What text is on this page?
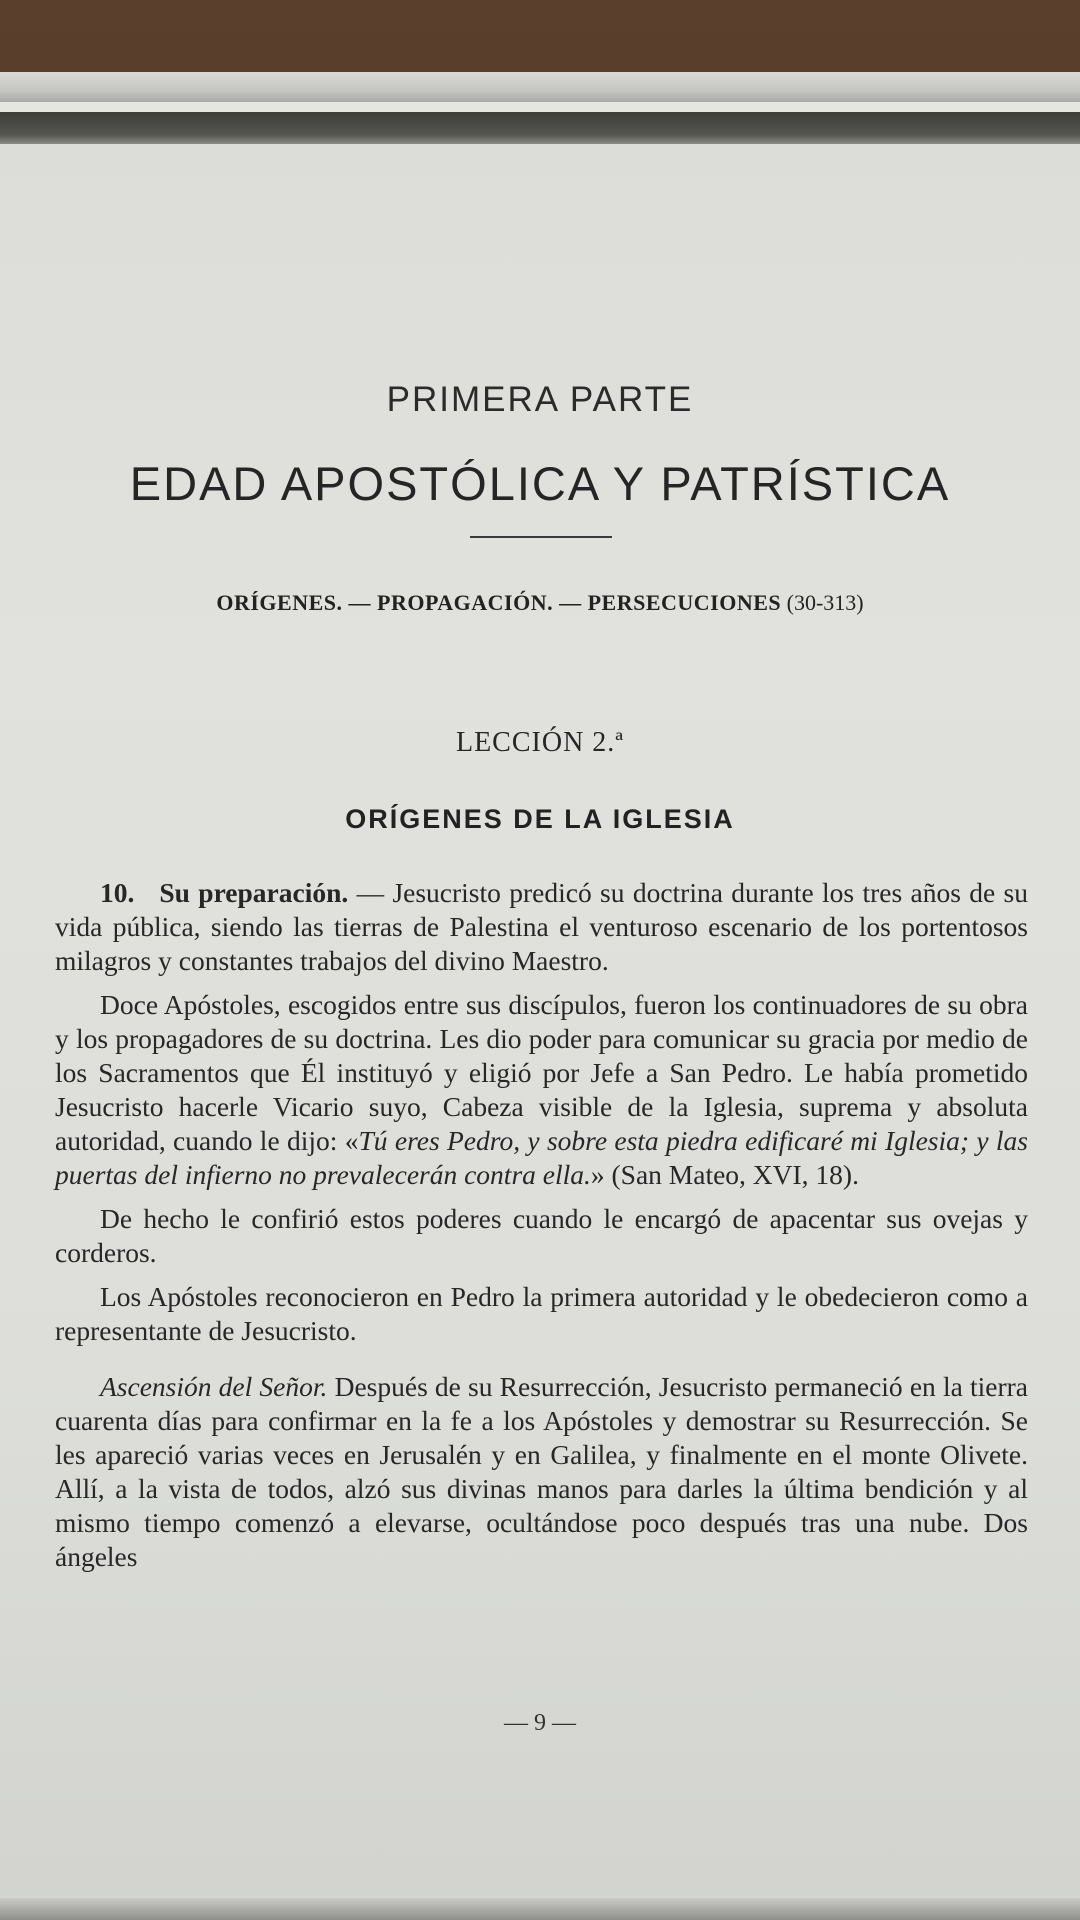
PRIMERA PARTE
EDAD APOSTÓLICA Y PATRÍSTICA
ORÍGENES. — PROPAGACIÓN. — PERSECUCIONES (30-313)
LECCIÓN 2.ª
ORÍGENES DE LA IGLESIA

10. Su preparación. — Jesucristo predicó su doctrina durante los tres años de su vida pública, siendo las tierras de Palestina el venturoso escenario de los portentosos milagros y constantes trabajos del divino Maestro.

Doce Apóstoles, escogidos entre sus discípulos, fueron los continuadores de su obra y los propagadores de su doctrina. Les dio poder para comunicar su gracia por medio de los Sacramentos que Él instituyó y eligió por Jefe a San Pedro. Le había prometido Jesucristo hacerle Vicario suyo, Cabeza visible de la Iglesia, suprema y absoluta autoridad, cuando le dijo: «Tú eres Pedro, y sobre esta piedra edificaré mi Iglesia; y las puertas del infierno no prevalecerán contra ella.» (San Mateo, XVI, 18).

De hecho le confirió estos poderes cuando le encargó de apacentar sus ovejas y corderos.

Los Apóstoles reconocieron en Pedro la primera autoridad y le obedecieron como a representante de Jesucristo.

Ascensión del Señor. Después de su Resurrección, Jesucristo permaneció en la tierra cuarenta días para confirmar en la fe a los Apóstoles y demostrar su Resurrección. Se les apareció varias veces en Jerusalén y en Galilea, y finalmente en el monte Olivete. Allí, a la vista de todos, alzó sus divinas manos para darles la última bendición y al mismo tiempo comenzó a elevarse, ocultándose poco después tras una nube. Dos ángeles

— 9 —
